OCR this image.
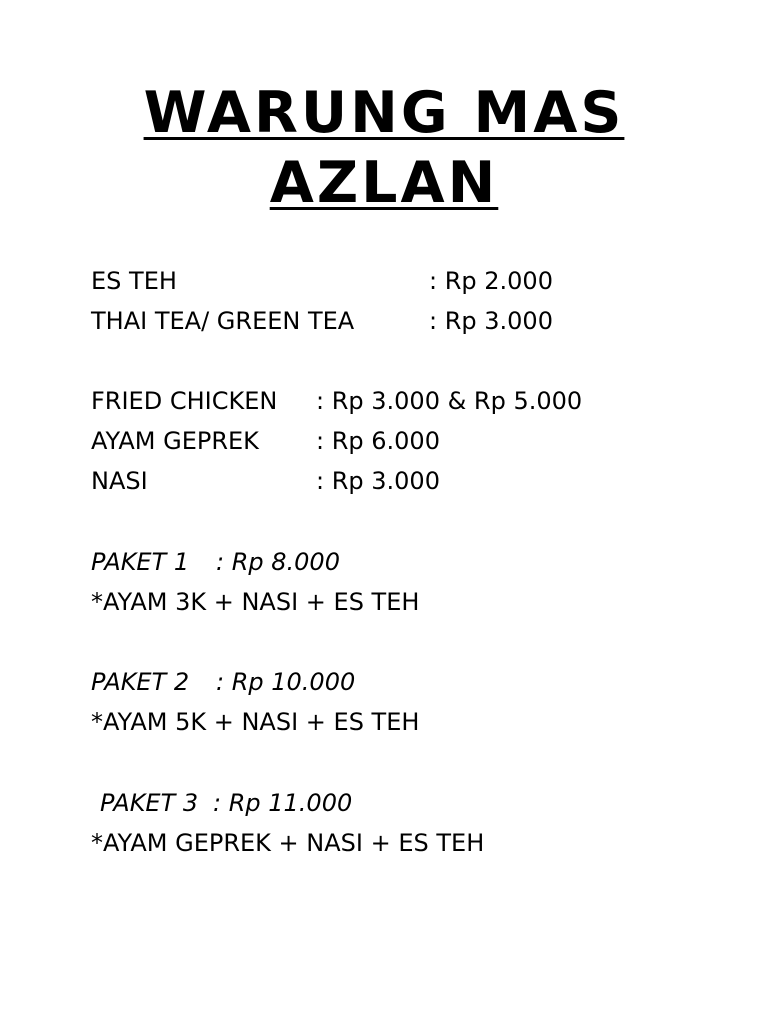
WARUNG MAS
AZLAN
ES TEH	: Rp 2.000
THAI TEA/ GREEN TEA	: Rp 3.000
FRIED CHICKEN : Rp 3.000 & Rp 5.000
AYAM GEPREK : Rp 6.000
NASI	: Rp 3.000
PAKET 1 : Rp 8.000
*AYAM 3K + NASI + ES TEH
PAKET 2 : Rp 10.000
*AYAM 5K + NASI + ES TEH
PAKET 3 : Rp 11.000
*AYAM GEPREK + NASI + ES TEH
